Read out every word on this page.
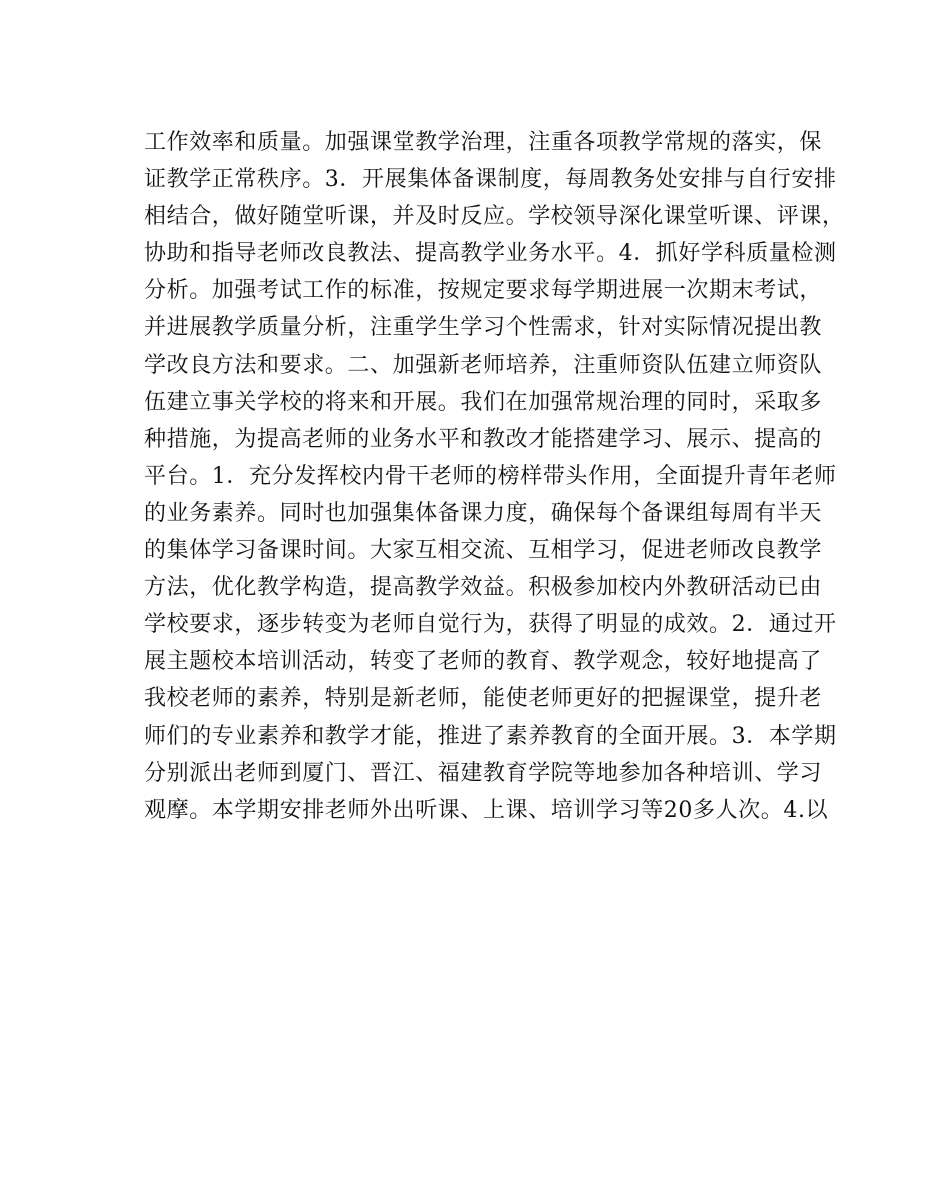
工作效率和质量。加强课堂教学治理，注重各项教学常规的落实，保
证教学正常秩序。3．开展集体备课制度，每周教务处安排与自行安排
相结合，做好随堂听课，并及时反应。学校领导深化课堂听课、评课，
协助和指导老师改良教法、提高教学业务水平。4．抓好学科质量检测
分析。加强考试工作的标准，按规定要求每学期进展一次期末考试，
并进展教学质量分析，注重学生学习个性需求，针对实际情况提出教
学改良方法和要求。二、加强新老师培养，注重师资队伍建立师资队
伍建立事关学校的将来和开展。我们在加强常规治理的同时，采取多
种措施，为提高老师的业务水平和教改才能搭建学习、展示、提高的
平台。1．充分发挥校内骨干老师的榜样带头作用，全面提升青年老师
的业务素养。同时也加强集体备课力度，确保每个备课组每周有半天
的集体学习备课时间。大家互相交流、互相学习，促进老师改良教学
方法，优化教学构造，提高教学效益。积极参加校内外教研活动已由
学校要求，逐步转变为老师自觉行为，获得了明显的成效。2．通过开
展主题校本培训活动，转变了老师的教育、教学观念，较好地提高了
我校老师的素养，特别是新老师，能使老师更好的把握课堂，提升老
师们的专业素养和教学才能，推进了素养教育的全面开展。3．本学期
分别派出老师到厦门、晋江、福建教育学院等地参加各种培训、学习
观摩。本学期安排老师外出听课、上课、培训学习等20多人次。4.以
